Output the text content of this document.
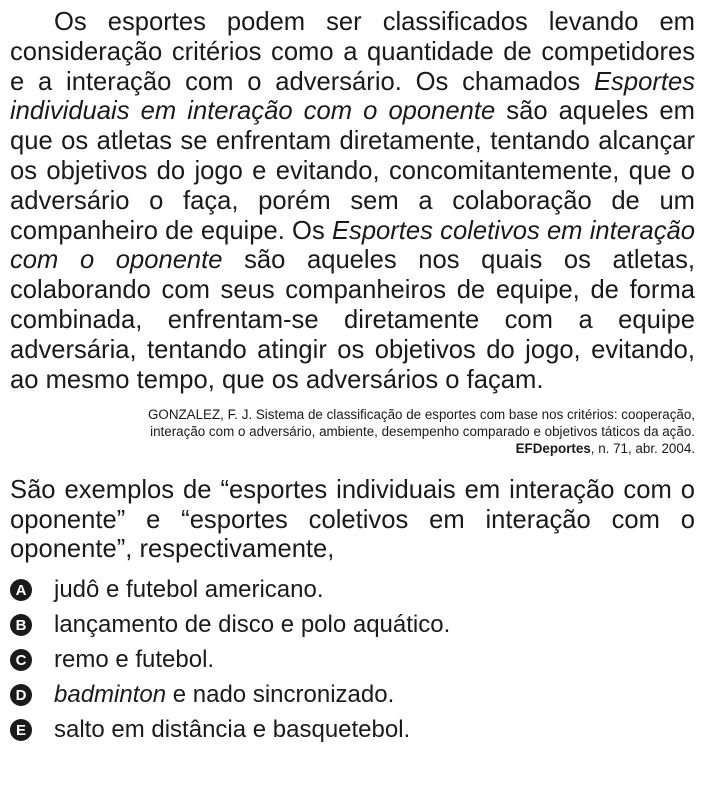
Os esportes podem ser classificados levando em consideração critérios como a quantidade de competidores e a interação com o adversário. Os chamados Esportes individuais em interação com o oponente são aqueles em que os atletas se enfrentam diretamente, tentando alcançar os objetivos do jogo e evitando, concomitantemente, que o adversário o faça, porém sem a colaboração de um companheiro de equipe. Os Esportes coletivos em interação com o oponente são aqueles nos quais os atletas, colaborando com seus companheiros de equipe, de forma combinada, enfrentam-se diretamente com a equipe adversária, tentando atingir os objetivos do jogo, evitando, ao mesmo tempo, que os adversários o façam.

GONZALEZ, F. J. Sistema de classificação de esportes com base nos critérios: cooperação,
interação com o adversário, ambiente, desempenho comparado e objetivos táticos da ação.
EFDeportes, n. 71, abr. 2004.

São exemplos de “esportes individuais em interação com o oponente” e “esportes coletivos em interação com o oponente”, respectivamente,

A judô e futebol americano.
B lançamento de disco e polo aquático.
C remo e futebol.
D badminton e nado sincronizado.
E salto em distância e basquetebol.
